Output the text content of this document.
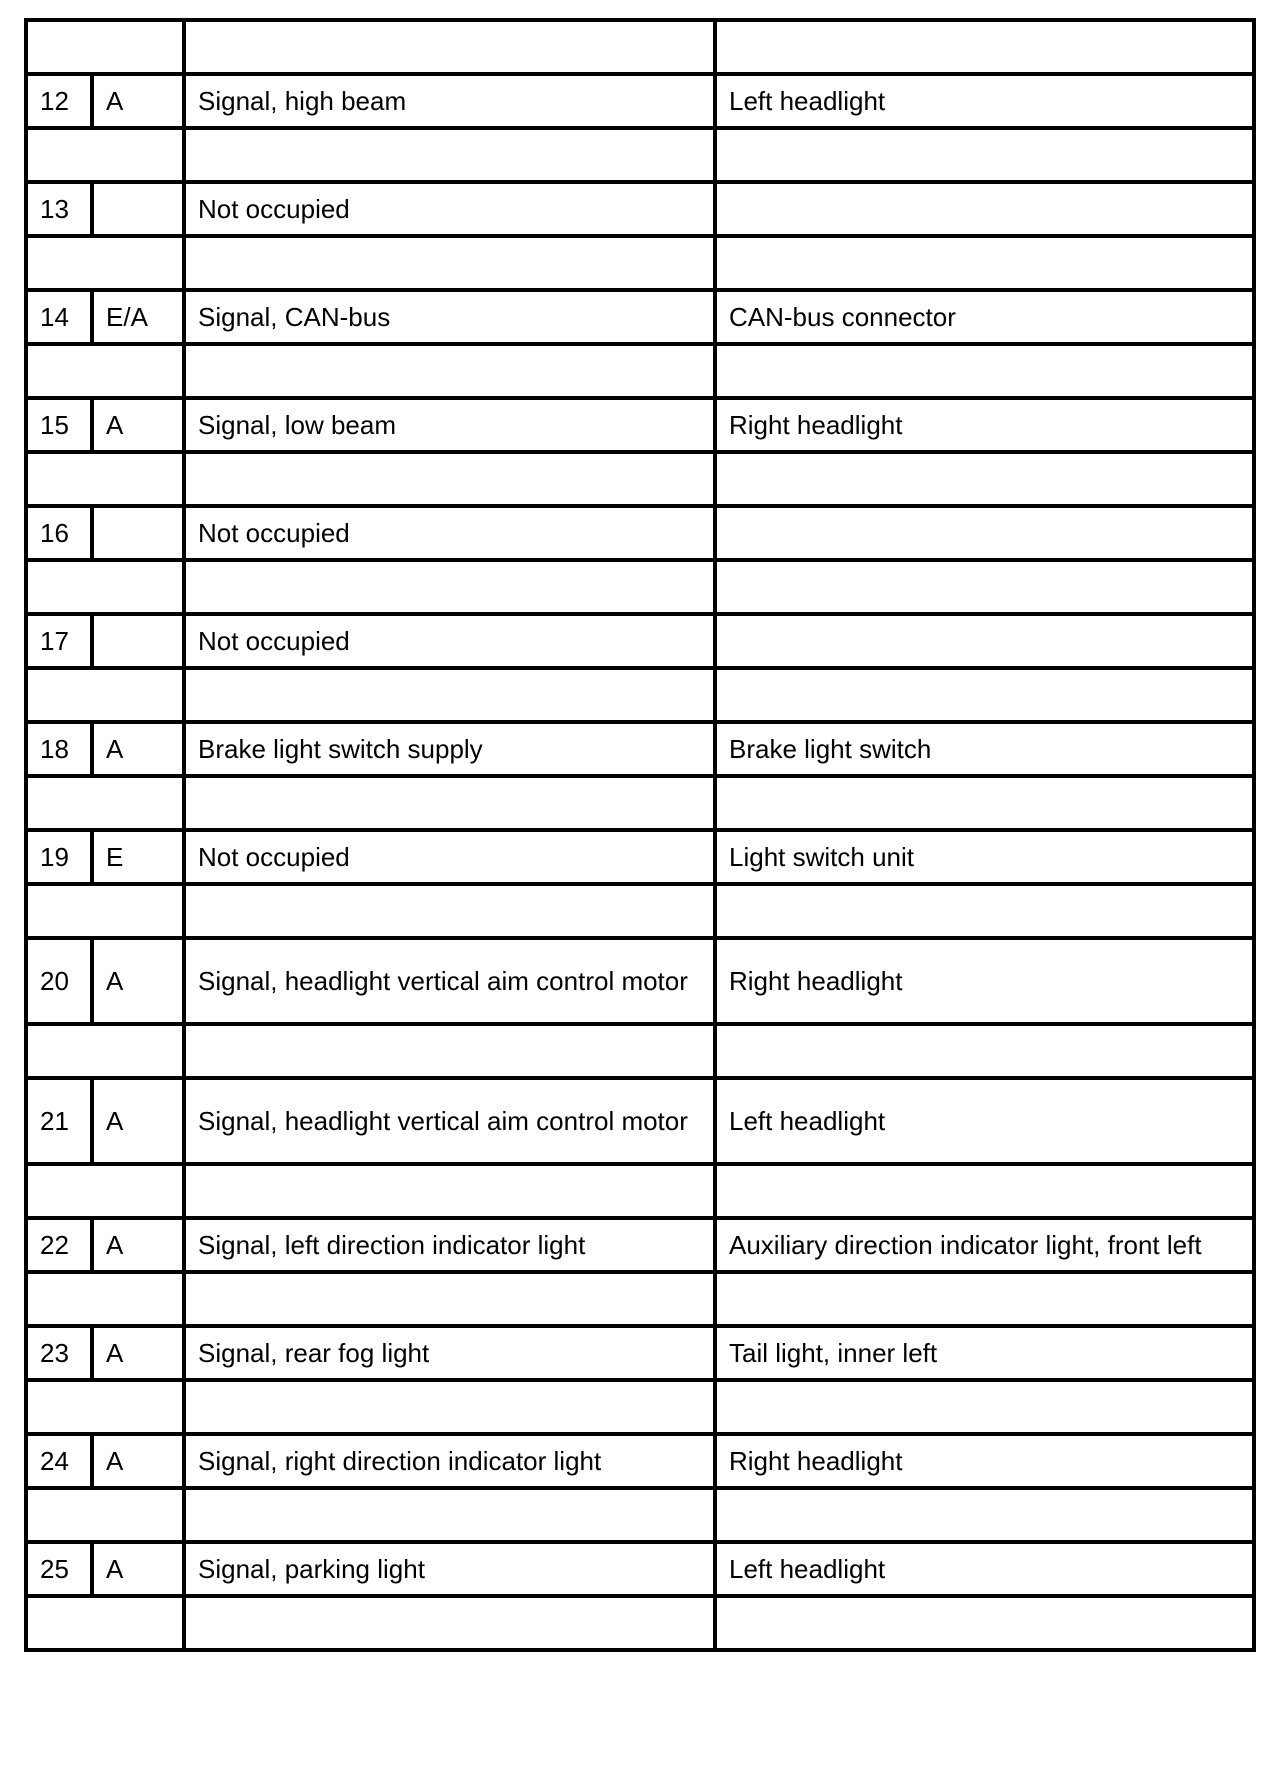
12	A	Signal, high beam	Left headlight

13		Not occupied	

14	E/A	Signal, CAN-bus	CAN-bus connector

15	A	Signal, low beam	Right headlight

16		Not occupied	

17		Not occupied	

18	A	Brake light switch supply	Brake light switch

19	E	Not occupied	Light switch unit

20	A	Signal, headlight vertical aim control motor	Right headlight

21	A	Signal, headlight vertical aim control motor	Left headlight

22	A	Signal, left direction indicator light	Auxiliary direction indicator light, front left

23	A	Signal, rear fog light	Tail light, inner left

24	A	Signal, right direction indicator light	Right headlight

25	A	Signal, parking light	Left headlight
